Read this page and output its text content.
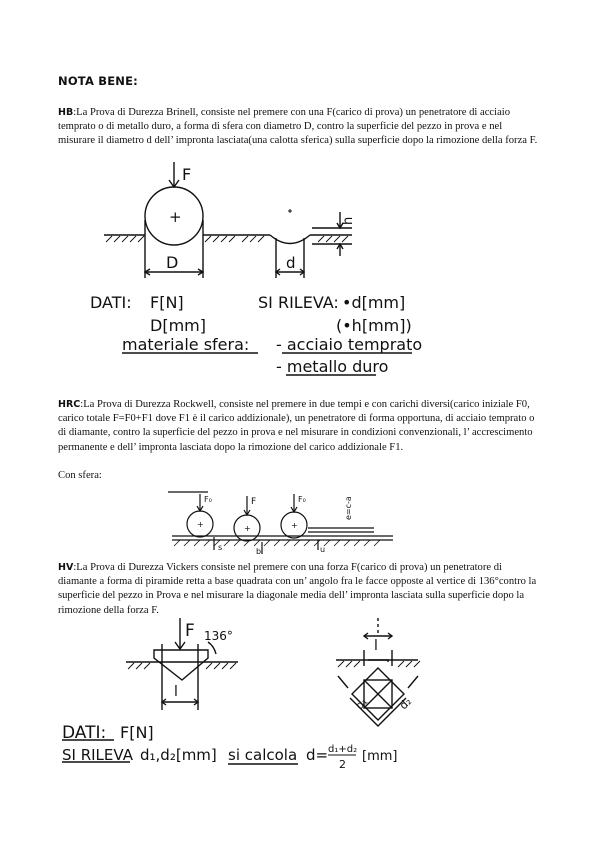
NOTA BENE:
HB:La Prova di Durezza Brinell, consiste nel premere con una F(carico di prova) un penetratore di acciaio temprato o di metallo duro, a forma di sfera con diametro D, contro la superficie del pezzo in prova e nel misurare il diametro d dell’ impronta lasciata(una calotta sferica) sulla superficie dopo la rimozione della forza F.
F
+
D	d
h
DATI: F[N]
D[mm]
SI RILEVA: •d[mm]
(•h[mm])
materiale sfera: - acciaio temprato
- metallo duro
HRC:La Prova di Durezza Rockwell, consiste nel premere in due tempi e con carichi diversi(carico iniziale F0, carico totale F=F0+F1 dove F1 è il carico addizionale), un penetratore di forma opportuna, di acciaio temprato o di diamante, contro la superficie del pezzo in prova e nel misurare in condizioni convenzionali, l’ accrescimento permanente e dell’ impronta lasciata dopo la rimozione del carico addizionale F1.
Con sfera:
F₀	F	F₀
+	+	+
s	b	u
e=c-a
HV:La Prova di Durezza Vickers consiste nel premere con una forza F(carico di prova) un penetratore di diamante a forma di piramide retta a base quadrata con un’ angolo fra le facce opposte al vertice di 136°contro la superficie del pezzo in Prova e nel misurare la diagonale media dell’ impronta lasciata sulla superficie dopo la rimozione della forza F.
F 136°
l
l
d₁ d₂
DATI: F[N]
SI RILEVA d₁,d₂[mm] si calcola d= d₁+d₂
2
[mm]
